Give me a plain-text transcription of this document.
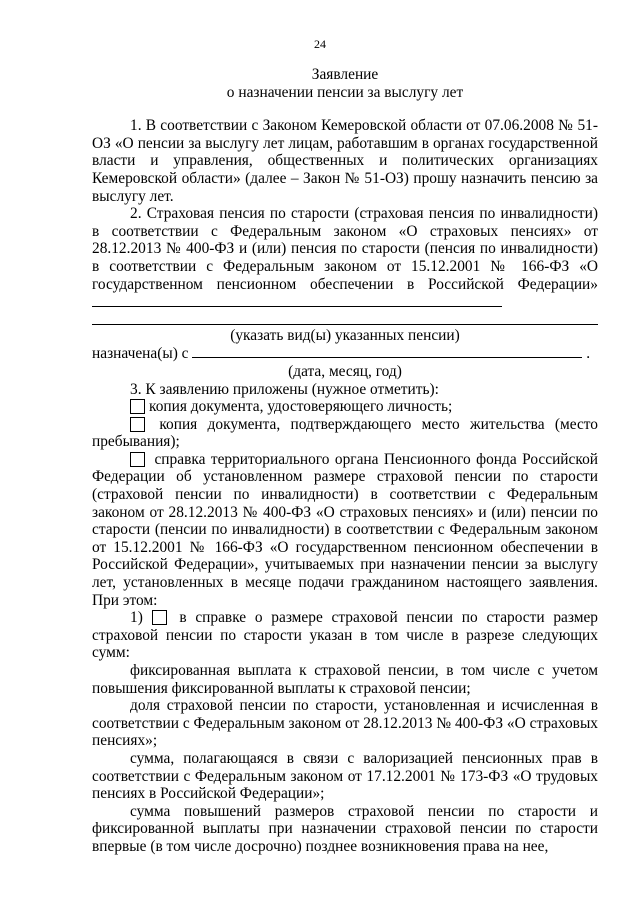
24
Заявление
о назначении пенсии за выслугу лет

1. В соответствии с Законом Кемеровской области от 07.06.2008 № 51-ОЗ «О пенсии за выслугу лет лицам, работавшим в органах государственной власти и управления, общественных и политических организациях Кемеровской области» (далее – Закон № 51-ОЗ) прошу назначить пенсию за выслугу лет.

2. Страховая пенсия по старости (страховая пенсия по инвалидности) в соответствии с Федеральным законом «О страховых пенсиях» от 28.12.2013 № 400-ФЗ и (или) пенсия по старости (пенсия по инвалидности) в соответствии с Федеральным законом от 15.12.2001 № 166-ФЗ «О государственном пенсионном обеспечении в Российской Федерации»

(указать вид(ы) указанных пенсии)

назначена(ы) с	.

(дата, месяц, год)

3. К заявлению приложены (нужное отметить):

копия документа, удостоверяющего личность;

копия документа, подтверждающего место жительства (место пребывания);

справка территориального органа Пенсионного фонда Российской Федерации об установленном размере страховой пенсии по старости (страховой пенсии по инвалидности) в соответствии с Федеральным законом от 28.12.2013 № 400-ФЗ «О страховых пенсиях» и (или) пенсии по старости (пенсии по инвалидности) в соответствии с Федеральным законом от 15.12.2001 № 166-ФЗ «О государственном пенсионном обеспечении в Российской Федерации», учитываемых при назначении пенсии за выслугу лет, установленных в месяце подачи гражданином настоящего заявления. При этом:

1) в справке о размере страховой пенсии по старости размер страховой пенсии по старости указан в том числе в разрезе следующих сумм:

фиксированная выплата к страховой пенсии, в том числе с учетом повышения фиксированной выплаты к страховой пенсии;

доля страховой пенсии по старости, установленная и исчисленная в соответствии с Федеральным законом от 28.12.2013 № 400-ФЗ «О страховых пенсиях»;

сумма, полагающаяся в связи с валоризацией пенсионных прав в соответствии с Федеральным законом от 17.12.2001 № 173-ФЗ «О трудовых пенсиях в Российской Федерации»;

сумма повышений размеров страховой пенсии по старости и фиксированной выплаты при назначении страховой пенсии по старости впервые (в том числе досрочно) позднее возникновения права на нее,
